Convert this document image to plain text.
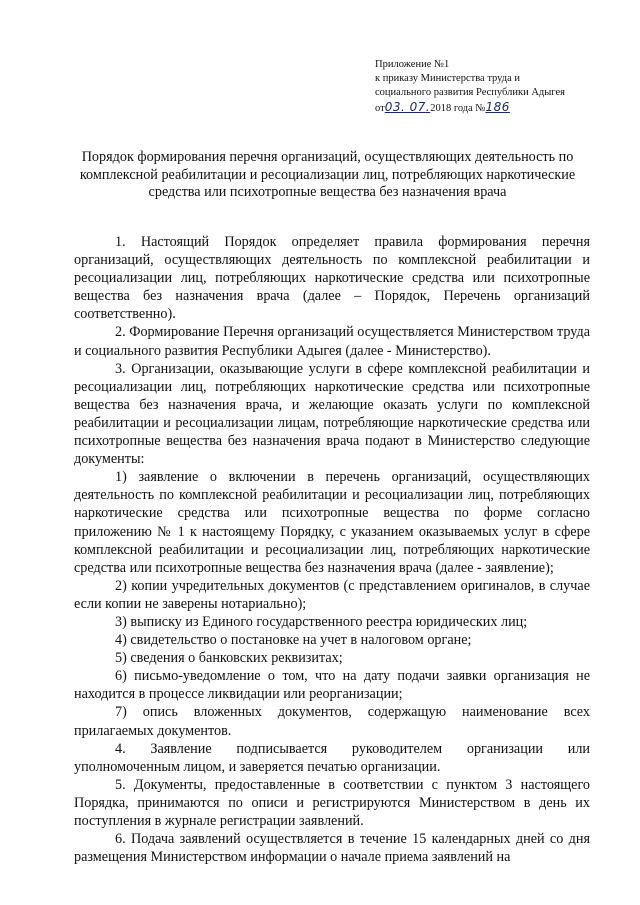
Приложение №1
к приказу Министерства труда и
социального развития Республики Адыгея
от03. 07.2018 года №186
Порядок формирования перечня организаций, осуществляющих деятельность по комплексной реабилитации и ресоциализации лиц, потребляющих наркотические средства или психотропные вещества без назначения врача

1. Настоящий Порядок определяет правила формирования перечня организаций, осуществляющих деятельность по комплексной реабилитации и ресоциализации лиц, потребляющих наркотические средства или психотропные вещества без назначения врача (далее – Порядок, Перечень организаций соответственно).

2. Формирование Перечня организаций осуществляется Министерством труда и социального развития Республики Адыгея (далее - Министерство).

3. Организации, оказывающие услуги в сфере комплексной реабилитации и ресоциализации лиц, потребляющих наркотические средства или психотропные вещества без назначения врача, и желающие оказать услуги по комплексной реабилитации и ресоциализации лицам, потребляющие наркотические средства или психотропные вещества без назначения врача подают в Министерство следующие документы:

1) заявление о включении в перечень организаций, осуществляющих деятельность по комплексной реабилитации и ресоциализации лиц, потребляющих наркотические средства или психотропные вещества по форме согласно приложению № 1 к настоящему Порядку, с указанием оказываемых услуг в сфере комплексной реабилитации и ресоциализации лиц, потребляющих наркотические средства или психотропные вещества без назначения врача (далее - заявление);

2) копии учредительных документов (с представлением оригиналов, в случае если копии не заверены нотариально);

3) выписку из Единого государственного реестра юридических лиц;

4) свидетельство о постановке на учет в налоговом органе;

5) сведения о банковских реквизитах;

6) письмо-уведомление о том, что на дату подачи заявки организация не находится в процессе ликвидации или реорганизации;

7) опись вложенных документов, содержащую наименование всех прилагаемых документов.

4. Заявление подписывается руководителем организации или уполномоченным лицом, и заверяется печатью организации.

5. Документы, предоставленные в соответствии с пунктом 3 настоящего Порядка, принимаются по описи и регистрируются Министерством в день их поступления в журнале регистрации заявлений.

6. Подача заявлений осуществляется в течение 15 календарных дней со дня размещения Министерством информации о начале приема заявлений на
